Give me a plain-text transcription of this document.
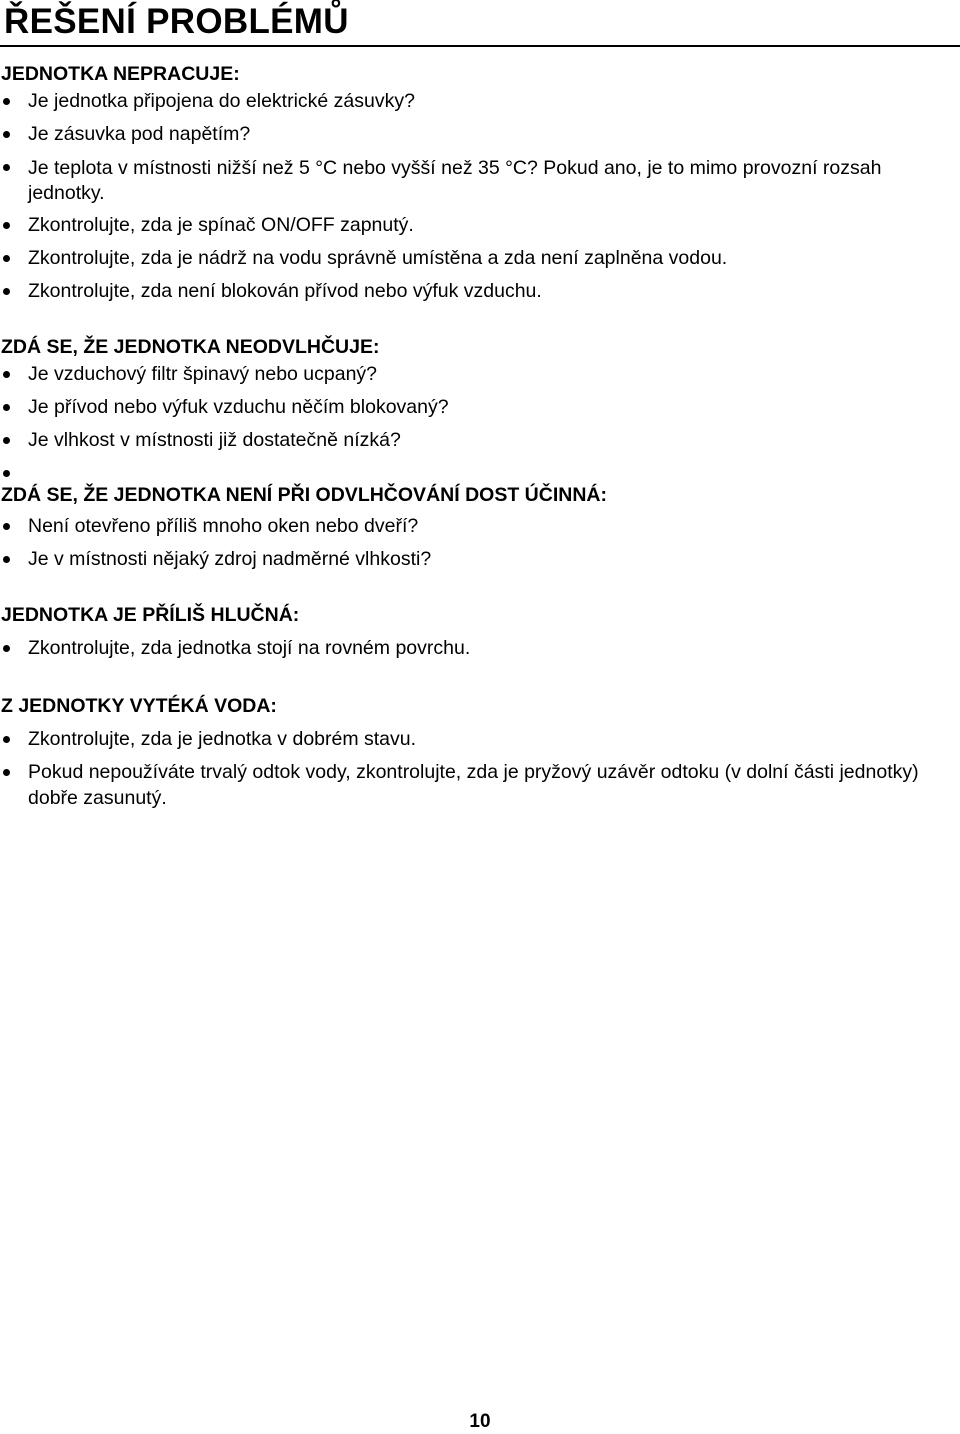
ŘEŠENÍ PROBLÉMŮ
JEDNOTKA NEPRACUJE:
Je jednotka připojena do elektrické zásuvky?
Je zásuvka pod napětím?
Je teplota v místnosti nižší než 5 °C nebo vyšší než 35 °C? Pokud ano, je to mimo provozní rozsah jednotky.
Zkontrolujte, zda je spínač ON/OFF zapnutý.
Zkontrolujte, zda je nádrž na vodu správně umístěna a zda není zaplněna vodou.
Zkontrolujte, zda není blokován přívod nebo výfuk vzduchu.
ZDÁ SE, ŽE JEDNOTKA NEODVLHČUJE:
Je vzduchový filtr špinavý nebo ucpaný?
Je přívod nebo výfuk vzduchu něčím blokovaný?
Je vlhkost v místnosti již dostatečně nízká?
ZDÁ SE, ŽE JEDNOTKA NENÍ PŘI ODVLHČOVÁNÍ DOST ÚČINNÁ:
Není otevřeno příliš mnoho oken nebo dveří?
Je v místnosti nějaký zdroj nadměrné vlhkosti?
JEDNOTKA JE PŘÍLIŠ HLUČNÁ:
Zkontrolujte, zda jednotka stojí na rovném povrchu.
Z JEDNOTKY VYTÉKÁ VODA:
Zkontrolujte, zda je jednotka v dobrém stavu.
Pokud nepoužíváte trvalý odtok vody, zkontrolujte, zda je pryžový uzávěr odtoku (v dolní části jednotky) dobře zasunutý.
10
